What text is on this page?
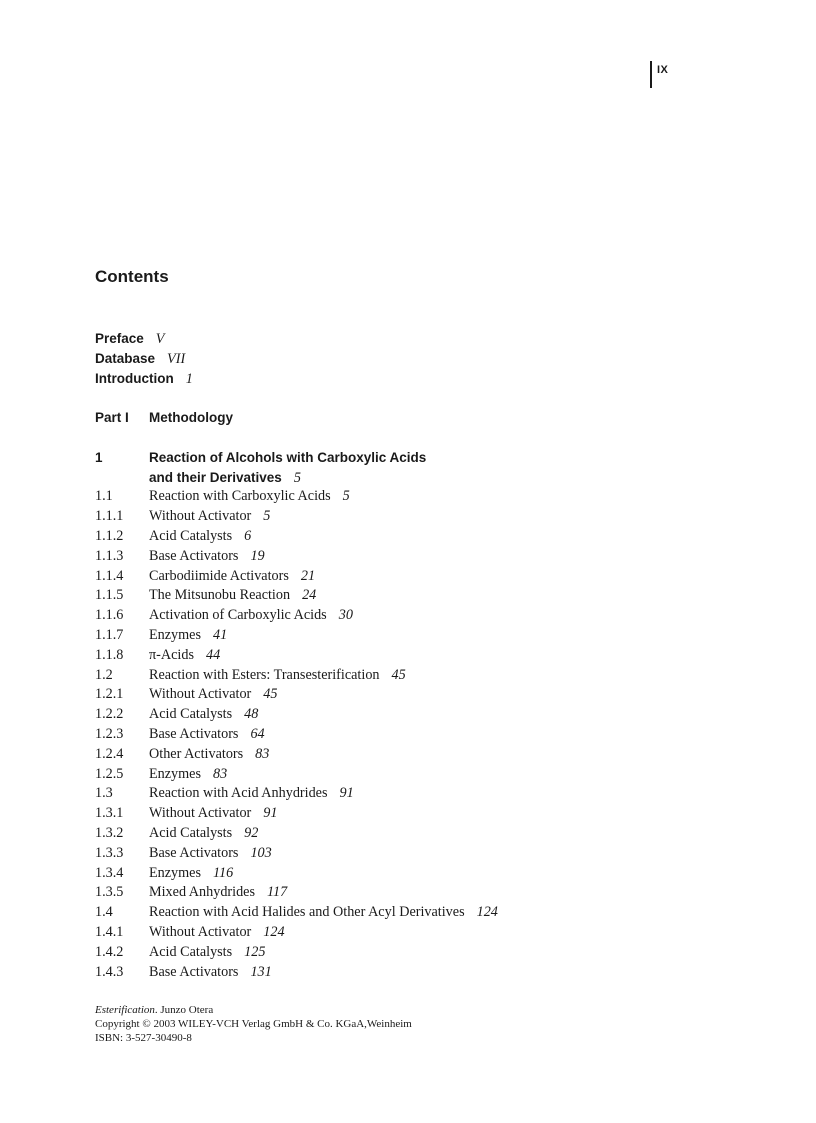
IX
Contents
Preface V
Database VII
Introduction 1
Part I Methodology
1	Reaction of Alcohols with Carboxylic Acids
and their Derivatives 5
1.1	Reaction with Carboxylic Acids 5
1.1.1 Without Activator 5
1.1.2 Acid Catalysts 6
1.1.3 Base Activators 19
1.1.4 Carbodiimide Activators 21
1.1.5 The Mitsunobu Reaction 24
1.1.6 Activation of Carboxylic Acids 30
1.1.7 Enzymes 41
1.1.8 π-Acids 44
1.2	Reaction with Esters: Transesterification 45
1.2.1 Without Activator 45
1.2.2 Acid Catalysts 48
1.2.3 Base Activators 64
1.2.4 Other Activators 83
1.2.5 Enzymes 83
1.3	Reaction with Acid Anhydrides 91
1.3.1 Without Activator 91
1.3.2 Acid Catalysts 92
1.3.3 Base Activators 103
1.3.4 Enzymes 116
1.3.5 Mixed Anhydrides 117
1.4	Reaction with Acid Halides and Other Acyl Derivatives 124
1.4.1 Without Activator 124
1.4.2 Acid Catalysts 125
1.4.3 Base Activators 131
Esterification. Junzo Otera
Copyright © 2003 WILEY-VCH Verlag GmbH & Co. KGaA,Weinheim
ISBN: 3-527-30490-8
